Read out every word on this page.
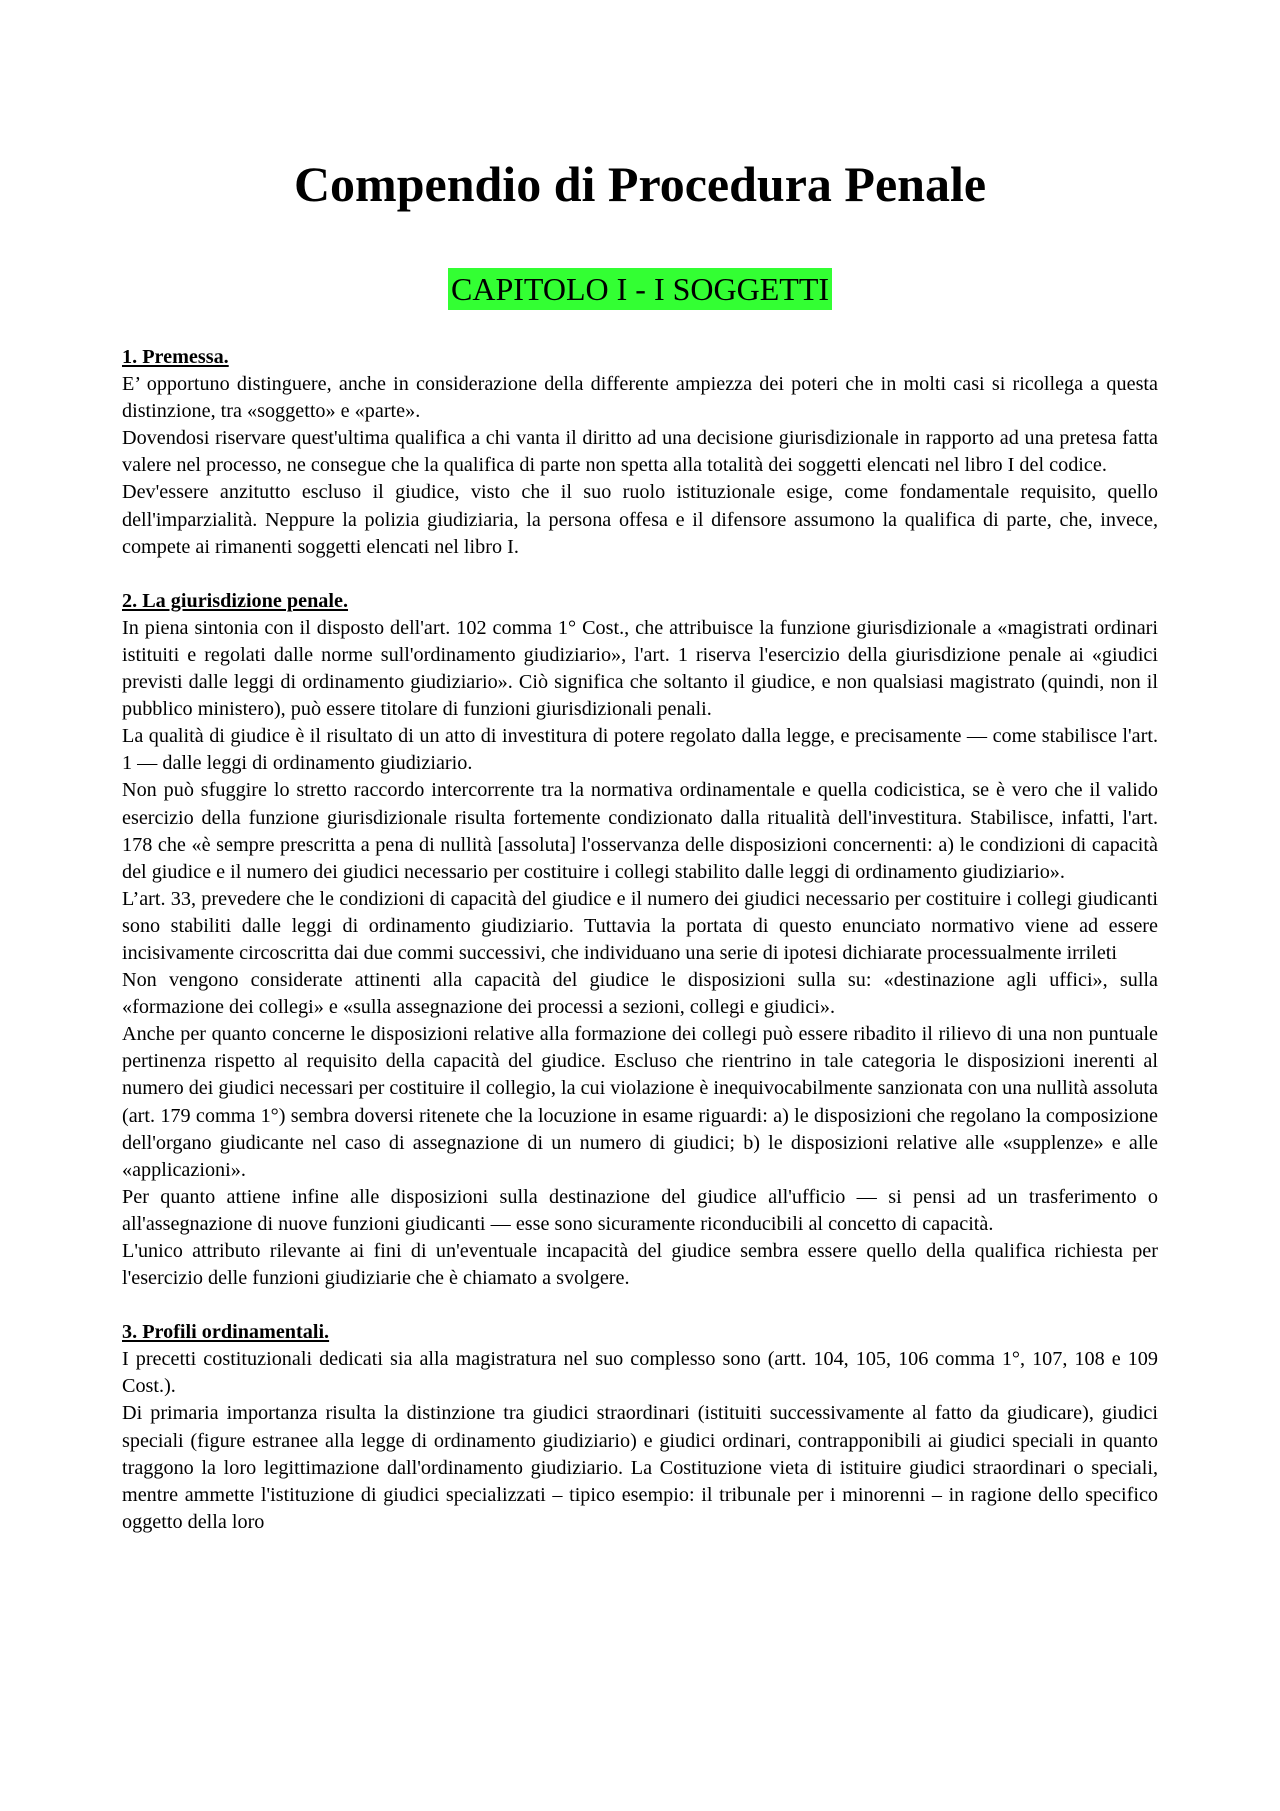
Compendio di Procedura Penale
CAPITOLO I - I SOGGETTI

1. Premessa.

E’ opportuno distinguere, anche in considerazione della differente ampiezza dei poteri che in molti casi si ricollega a questa distinzione, tra «soggetto» e «parte».

Dovendosi riservare quest'ultima qualifica a chi vanta il diritto ad una decisione giurisdizionale in rapporto ad una pretesa fatta valere nel processo, ne consegue che la qualifica di parte non spetta alla totalità dei soggetti elencati nel libro I del codice.

Dev'essere anzitutto escluso il giudice, visto che il suo ruolo istituzionale esige, come fondamentale requisito, quello dell'imparzialità. Neppure la polizia giudiziaria, la persona offesa e il difensore assumono la qualifica di parte, che, invece, compete ai rimanenti soggetti elencati nel libro I.

2. La giurisdizione penale.

In piena sintonia con il disposto dell'art. 102 comma 1° Cost., che attribuisce la funzione giurisdizionale a «magistrati ordinari istituiti e regolati dalle norme sull'ordinamento giudiziario», l'art. 1 riserva l'esercizio della giurisdizione penale ai «giudici previsti dalle leggi di ordinamento giudiziario». Ciò significa che soltanto il giudice, e non qualsiasi magistrato (quindi, non il pubblico ministero), può essere titolare di funzioni giurisdizionali penali.

La qualità di giudice è il risultato di un atto di investitura di potere regolato dalla legge, e precisamente — come stabilisce l'art. 1 — dalle leggi di ordinamento giudiziario.

Non può sfuggire lo stretto raccordo intercorrente tra la normativa ordinamentale e quella codicistica, se è vero che il valido esercizio della funzione giurisdizionale risulta fortemente condizionato dalla ritualità dell'investitura. Stabilisce, infatti, l'art. 178 che «è sempre prescritta a pena di nullità [assoluta] l'osservanza delle disposizioni concernenti: a) le condizioni di capacità del giudice e il numero dei giudici necessario per costituire i collegi stabilito dalle leggi di ordinamento giudiziario».

L’art. 33, prevedere che le condizioni di capacità del giudice e il numero dei giudici necessario per costituire i collegi giudicanti sono stabiliti dalle leggi di ordinamento giudiziario. Tuttavia la portata di questo enunciato normativo viene ad essere incisivamente circoscritta dai due commi successivi, che individuano una serie di ipotesi dichiarate processualmente irrileti

Non vengono considerate attinenti alla capacità del giudice le disposizioni sulla su: «destinazione agli uffici», sulla «formazione dei collegi» e «sulla assegnazione dei processi a sezioni, collegi e giudici».

Anche per quanto concerne le disposizioni relative alla formazione dei collegi può essere ribadito il rilievo di una non puntuale pertinenza rispetto al requisito della capacità del giudice. Escluso che rientrino in tale categoria le disposizioni inerenti al numero dei giudici necessari per costituire il collegio, la cui violazione è inequivocabilmente sanzionata con una nullità assoluta (art. 179 comma 1°) sembra doversi ritenete che la locuzione in esame riguardi: a) le disposizioni che regolano la composizione dell'organo giudicante nel caso di assegnazione di un numero di giudici; b) le disposizioni relative alle «supplenze» e alle «applicazioni».

Per quanto attiene infine alle disposizioni sulla destinazione del giudice all'ufficio — si pensi ad un trasferimento o all'assegnazione di nuove funzioni giudicanti — esse sono sicuramente riconducibili al concetto di capacità.

L'unico attributo rilevante ai fini di un'eventuale incapacità del giudice sembra essere quello della qualifica richiesta per l'esercizio delle funzioni giudiziarie che è chiamato a svolgere.

3. Profili ordinamentali.

I precetti costituzionali dedicati sia alla magistratura nel suo complesso sono (artt. 104, 105, 106 comma 1°, 107, 108 e 109 Cost.).

Di primaria importanza risulta la distinzione tra giudici straordinari (istituiti successivamente al fatto da giudicare), giudici speciali (figure estranee alla legge di ordinamento giudiziario) e giudici ordinari, contrapponibili ai giudici speciali in quanto traggono la loro legittimazione dall'ordinamento giudiziario. La Costituzione vieta di istituire giudici straordinari o speciali, mentre ammette l'istituzione di giudici specializzati – tipico esempio: il tribunale per i minorenni – in ragione dello specifico oggetto della loro
